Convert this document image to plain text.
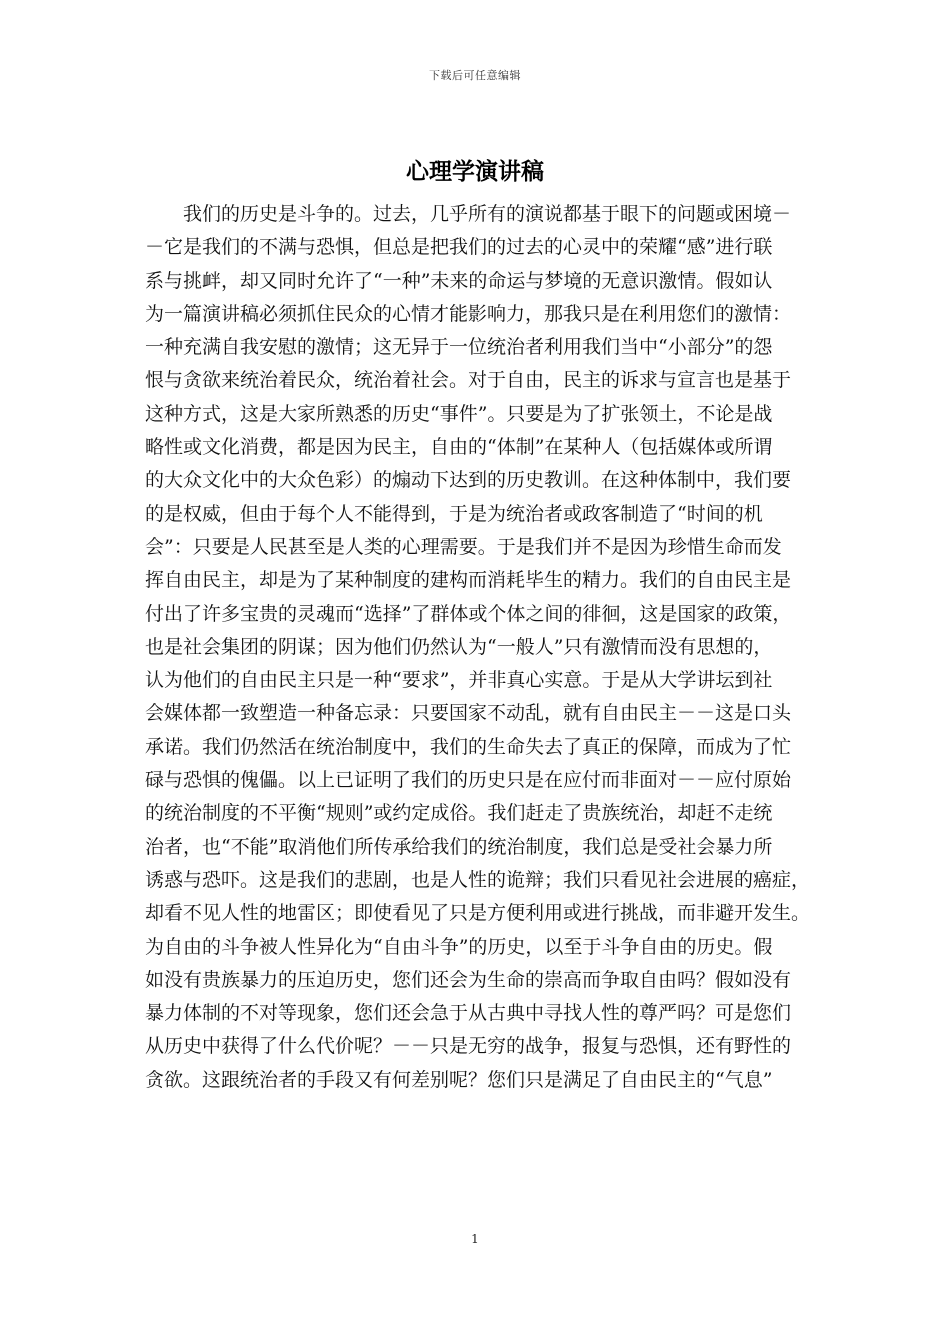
下载后可任意编辑
心理学演讲稿
我们的历史是斗争的。过去，几乎所有的演说都基于眼下的问题或困境－
－它是我们的不满与恐惧，但总是把我们的过去的心灵中的荣耀“感”进行联
系与挑衅，却又同时允许了“一种”未来的命运与梦境的无意识激情。假如认
为一篇演讲稿必须抓住民众的心情才能影响力，那我只是在利用您们的激情：
一种充满自我安慰的激情；这无异于一位统治者利用我们当中“小部分”的怨
恨与贪欲来统治着民众，统治着社会。对于自由，民主的诉求与宣言也是基于
这种方式，这是大家所熟悉的历史“事件”。只要是为了扩张领土，不论是战
略性或文化消费，都是因为民主，自由的“体制”在某种人（包括媒体或所谓
的大众文化中的大众色彩）的煽动下达到的历史教训。在这种体制中，我们要
的是权威，但由于每个人不能得到，于是为统治者或政客制造了“时间的机
会”：只要是人民甚至是人类的心理需要。于是我们并不是因为珍惜生命而发
挥自由民主，却是为了某种制度的建构而消耗毕生的精力。我们的自由民主是
付出了许多宝贵的灵魂而“选择”了群体或个体之间的徘徊，这是国家的政策，
也是社会集团的阴谋；因为他们仍然认为“一般人”只有激情而没有思想的，
认为他们的自由民主只是一种“要求”，并非真心实意。于是从大学讲坛到社
会媒体都一致塑造一种备忘录：只要国家不动乱，就有自由民主－－这是口头
承诺。我们仍然活在统治制度中，我们的生命失去了真正的保障，而成为了忙
碌与恐惧的傀儡。以上已证明了我们的历史只是在应付而非面对－－应付原始
的统治制度的不平衡“规则”或约定成俗。我们赶走了贵族统治，却赶不走统
治者，也“不能”取消他们所传承给我们的统治制度，我们总是受社会暴力所
诱惑与恐吓。这是我们的悲剧，也是人性的诡辩；我们只看见社会进展的癌症，
却看不见人性的地雷区；即使看见了只是方便利用或进行挑战，而非避开发生。
为自由的斗争被人性异化为“自由斗争”的历史，以至于斗争自由的历史。假
如没有贵族暴力的压迫历史，您们还会为生命的崇高而争取自由吗？假如没有
暴力体制的不对等现象，您们还会急于从古典中寻找人性的尊严吗？可是您们
从历史中获得了什么代价呢？－－只是无穷的战争，报复与恐惧，还有野性的
贪欲。这跟统治者的手段又有何差别呢？您们只是满足了自由民主的“气息”
1
